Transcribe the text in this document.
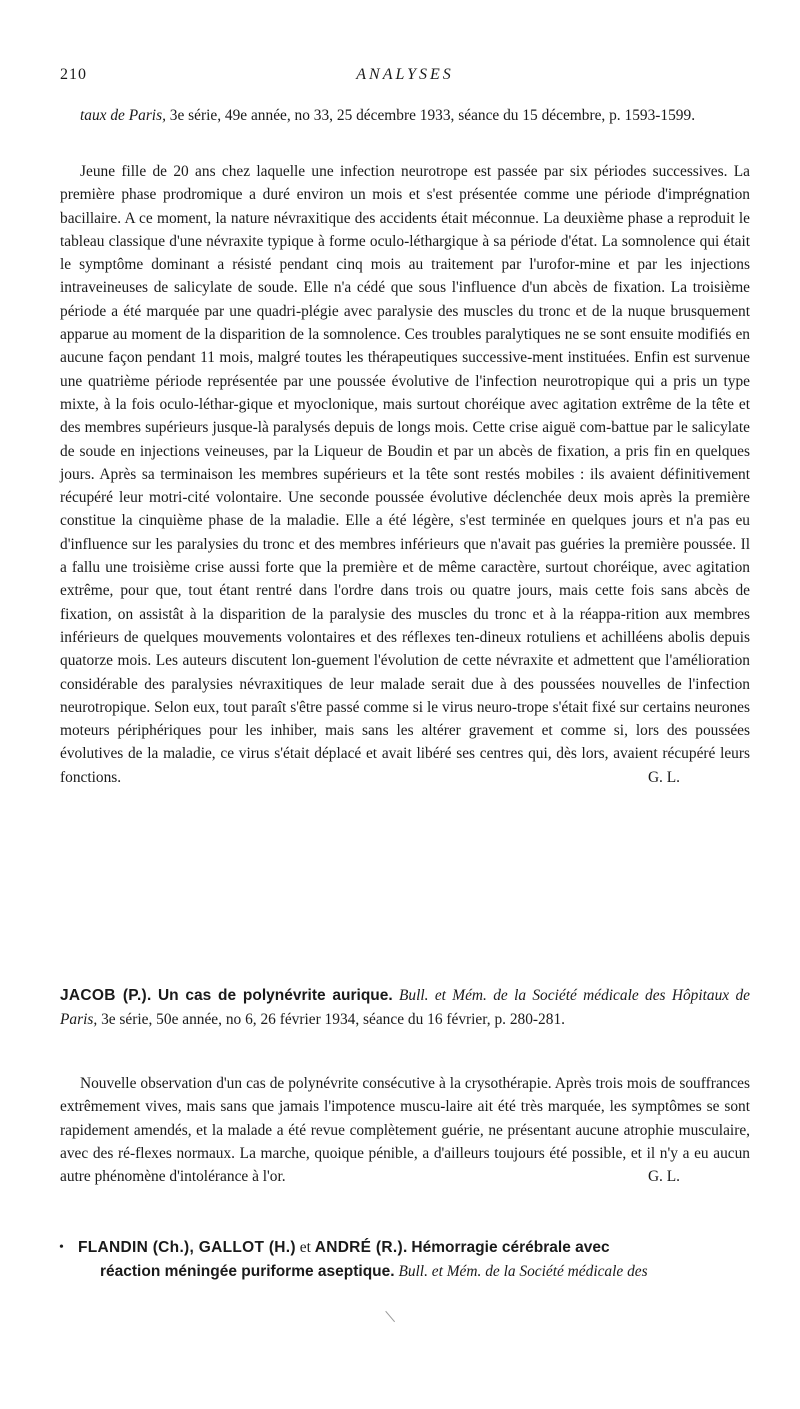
210	ANALYSES
taux de Paris, 3e série, 49e année, no 33, 25 décembre 1933, séance du 15 décembre, p. 1593-1599.
Jeune fille de 20 ans chez laquelle une infection neurotrope est passée par six périodes successives. La première phase prodromique a duré environ un mois et s'est présentée comme une période d'imprégnation bacillaire. A ce moment, la nature névraxitique des accidents était méconnue. La deuxième phase a reproduit le tableau classique d'une névraxite typique à forme oculo-léthargique à sa période d'état. La somnolence qui était le symptôme dominant a résisté pendant cinq mois au traitement par l'urofor-mine et par les injections intraveineuses de salicylate de soude. Elle n'a cédé que sous l'influence d'un abcès de fixation. La troisième période a été marquée par une quadri-plégie avec paralysie des muscles du tronc et de la nuque brusquement apparue au moment de la disparition de la somnolence. Ces troubles paralytiques ne se sont ensuite modifiés en aucune façon pendant 11 mois, malgré toutes les thérapeutiques successive-ment instituées. Enfin est survenue une quatrième période représentée par une poussée évolutive de l'infection neurotropique qui a pris un type mixte, à la fois oculo-léthar-gique et myoclonique, mais surtout choréique avec agitation extrême de la tête et des membres supérieurs jusque-là paralysés depuis de longs mois. Cette crise aiguë com-battue par le salicylate de soude en injections veineuses, par la Liqueur de Boudin et par un abcès de fixation, a pris fin en quelques jours. Après sa terminaison les membres supérieurs et la tête sont restés mobiles : ils avaient définitivement récupéré leur motri-cité volontaire. Une seconde poussée évolutive déclenchée deux mois après la première constitue la cinquième phase de la maladie. Elle a été légère, s'est terminée en quelques jours et n'a pas eu d'influence sur les paralysies du tronc et des membres inférieurs que n'avait pas guéries la première poussée. Il a fallu une troisième crise aussi forte que la première et de même caractère, surtout choréique, avec agitation extrême, pour que, tout étant rentré dans l'ordre dans trois ou quatre jours, mais cette fois sans abcès de fixation, on assistât à la disparition de la paralysie des muscles du tronc et à la réappa-rition aux membres inférieurs de quelques mouvements volontaires et des réflexes ten-dineux rotuliens et achilléens abolis depuis quatorze mois. Les auteurs discutent lon-guement l'évolution de cette névraxite et admettent que l'amélioration considérable des paralysies névraxitiques de leur malade serait due à des poussées nouvelles de l'infection neurotropique. Selon eux, tout paraît s'être passé comme si le virus neuro-trope s'était fixé sur certains neurones moteurs périphériques pour les inhiber, mais sans les altérer gravement et comme si, lors des poussées évolutives de la maladie, ce virus s'était déplacé et avait libéré ses centres qui, dès lors, avaient récupéré leurs fonctions.	G. L.
JACOB (P.). Un cas de polynévrite aurique. Bull. et Mém. de la Société médicale des Hôpitaux de Paris, 3e série, 50e année, no 6, 26 février 1934, séance du 16 février, p. 280-281.
Nouvelle observation d'un cas de polynévrite consécutive à la crysothérapie. Après trois mois de souffrances extrêmement vives, mais sans que jamais l'impotence muscu-laire ait été très marquée, les symptômes se sont rapidement amendés, et la malade a été revue complètement guérie, ne présentant aucune atrophie musculaire, avec des ré-flexes normaux. La marche, quoique pénible, a d'ailleurs toujours été possible, et il n'y a eu aucun autre phénomène d'intolérance à l'or.	G. L.
• FLANDIN (Ch.), GALLOT (H.) et ANDRÉ (R.). Hémorragie cérébrale avec
réaction méningée puriforme aseptique. Bull. et Mém. de la Société médicale des
